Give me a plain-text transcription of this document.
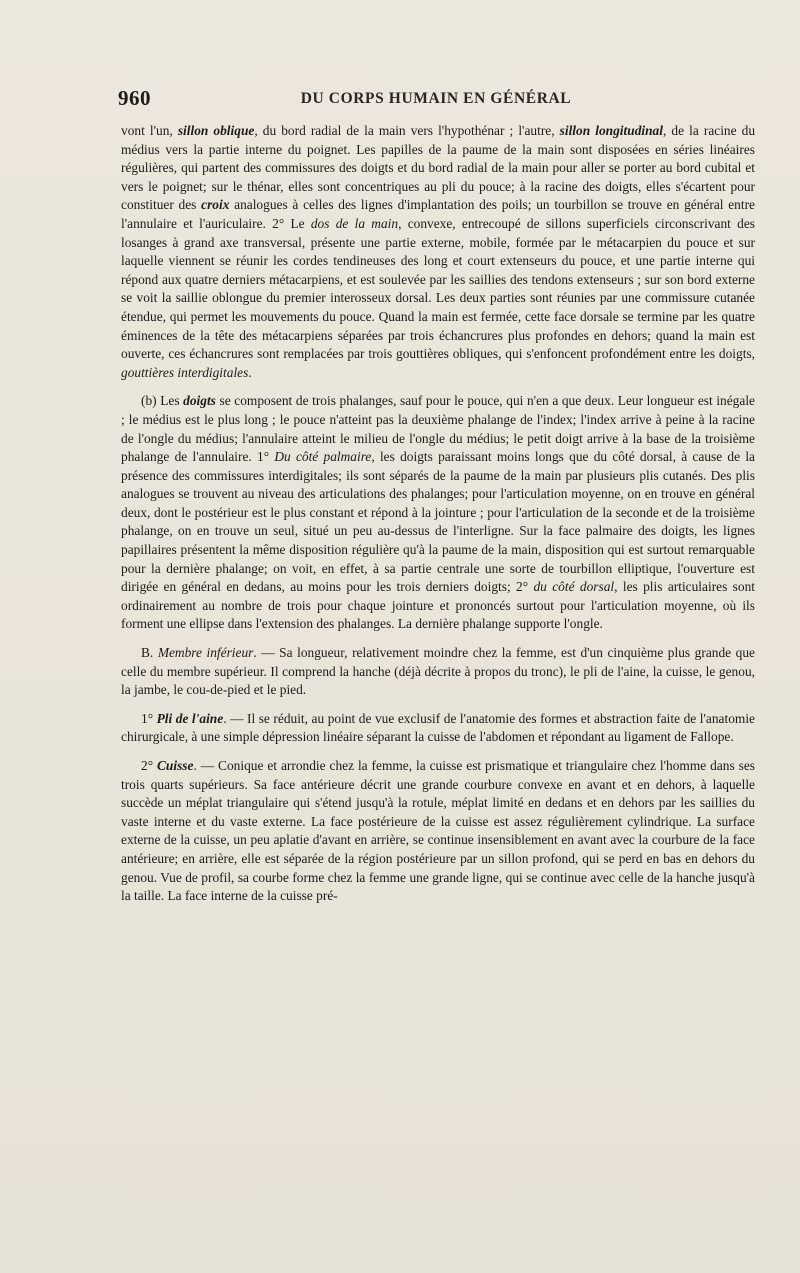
960	DU CORPS HUMAIN EN GÉNÉRAL

vont l'un, sillon oblique, du bord radial de la main vers l'hypothénar ; l'autre, sillon longitudinal, de la racine du médius vers la partie interne du poignet. Les papilles de la paume de la main sont disposées en séries linéaires régulières, qui partent des commissures des doigts et du bord radial de la main pour aller se porter au bord cubital et vers le poignet; sur le thénar, elles sont concentriques au pli du pouce; à la racine des doigts, elles s'écartent pour constituer des croix analogues à celles des lignes d'implantation des poils; un tourbillon se trouve en général entre l'annulaire et l'auriculaire. 2° Le dos de la main, convexe, entrecoupé de sillons superficiels circonscrivant des losanges à grand axe transversal, présente une partie externe, mobile, formée par le métacarpien du pouce et sur laquelle viennent se réunir les cordes tendineuses des long et court extenseurs du pouce, et une partie interne qui répond aux quatre derniers métacarpiens, et est soulevée par les saillies des tendons extenseurs ; sur son bord externe se voit la saillie oblongue du premier interosseux dorsal. Les deux parties sont réunies par une commissure cutanée étendue, qui permet les mouvements du pouce. Quand la main est fermée, cette face dorsale se termine par les quatre éminences de la tête des métacarpiens séparées par trois échancrures plus profondes en dehors; quand la main est ouverte, ces échancrures sont remplacées par trois gouttières obliques, qui s'enfoncent profondément entre les doigts, gouttières interdigitales.

(b) Les doigts se composent de trois phalanges, sauf pour le pouce, qui n'en a que deux. Leur longueur est inégale ; le médius est le plus long ; le pouce n'atteint pas la deuxième phalange de l'index; l'index arrive à peine à la racine de l'ongle du médius; l'annulaire atteint le milieu de l'ongle du médius; le petit doigt arrive à la base de la troisième phalange de l'annulaire. 1° Du côté palmaire, les doigts paraissant moins longs que du côté dorsal, à cause de la présence des commissures interdigitales; ils sont séparés de la paume de la main par plusieurs plis cutanés. Des plis analogues se trouvent au niveau des articulations des phalanges; pour l'articulation moyenne, on en trouve en général deux, dont le postérieur est le plus constant et répond à la jointure ; pour l'articulation de la seconde et de la troisième phalange, on en trouve un seul, situé un peu au-dessus de l'interligne. Sur la face palmaire des doigts, les lignes papillaires présentent la même disposition régulière qu'à la paume de la main, disposition qui est surtout remarquable pour la dernière phalange; on voit, en effet, à sa partie centrale une sorte de tourbillon elliptique, l'ouverture est dirigée en général en dedans, au moins pour les trois derniers doigts; 2° du côté dorsal, les plis articulaires sont ordinairement au nombre de trois pour chaque jointure et prononcés surtout pour l'articulation moyenne, où ils forment une ellipse dans l'extension des phalanges. La dernière phalange supporte l'ongle.

B. Membre inférieur. — Sa longueur, relativement moindre chez la femme, est d'un cinquième plus grande que celle du membre supérieur. Il comprend la hanche (déjà décrite à propos du tronc), le pli de l'aine, la cuisse, le genou, la jambe, le cou-de-pied et le pied.

1° Pli de l'aine. — Il se réduit, au point de vue exclusif de l'anatomie des formes et abstraction faite de l'anatomie chirurgicale, à une simple dépression linéaire séparant la cuisse de l'abdomen et répondant au ligament de Fallope.

2° Cuisse. — Conique et arrondie chez la femme, la cuisse est prismatique et triangulaire chez l'homme dans ses trois quarts supérieurs. Sa face antérieure décrit une grande courbure convexe en avant et en dehors, à laquelle succède un méplat triangulaire qui s'étend jusqu'à la rotule, méplat limité en dedans et en dehors par les saillies du vaste interne et du vaste externe. La face postérieure de la cuisse est assez régulièrement cylindrique. La surface externe de la cuisse, un peu aplatie d'avant en arrière, se continue insensiblement en avant avec la courbure de la face antérieure; en arrière, elle est séparée de la région postérieure par un sillon profond, qui se perd en bas en dehors du genou. Vue de profil, sa courbe forme chez la femme une grande ligne, qui se continue avec celle de la hanche jusqu'à la taille. La face interne de la cuisse pré-
